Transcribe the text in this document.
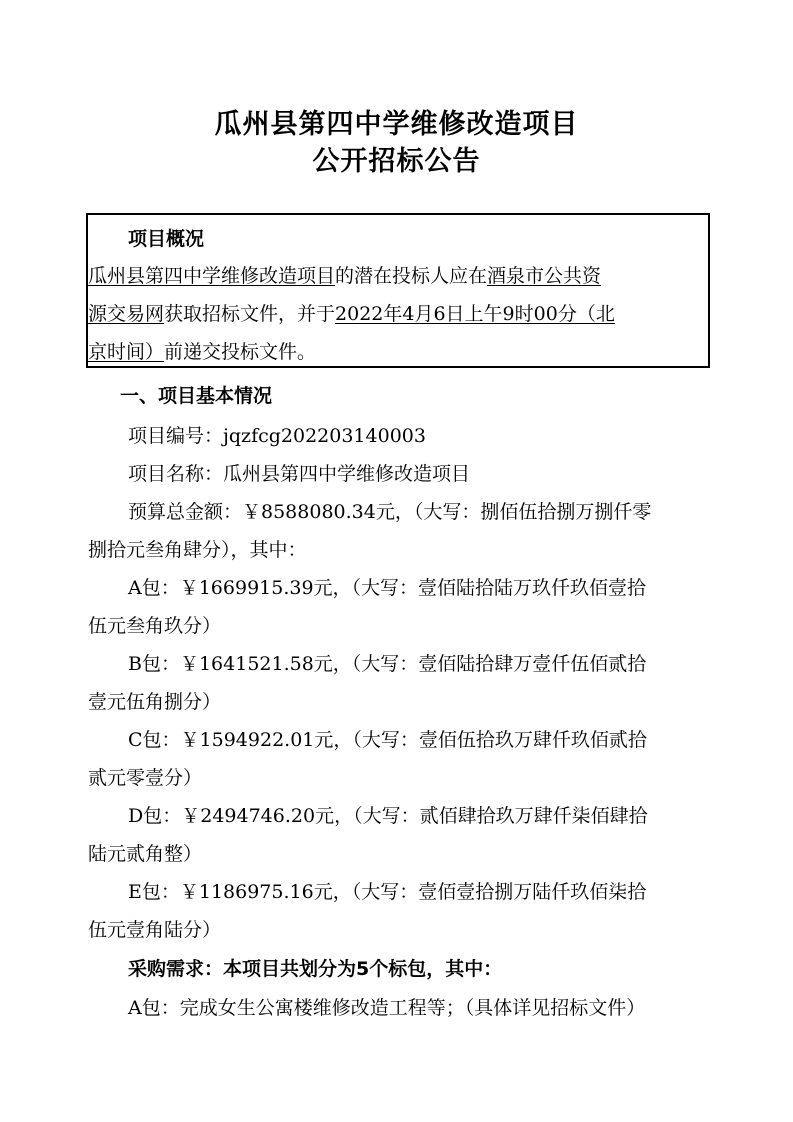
瓜州县第四中学维修改造项目
公开招标公告
项目概况
瓜州县第四中学维修改造项目的潜在投标人应在酒泉市公共资
源交易网获取招标文件，并于2022年4月6日上午9时00分（北
京时间）前递交投标文件。
一、项目基本情况
项目编号：jqzfcg202203140003
项目名称：瓜州县第四中学维修改造项目
预算总金额：￥8588080.34元，（大写：捌佰伍拾捌万捌仟零
捌拾元叁角肆分），其中：
A包：￥1669915.39元，（大写：壹佰陆拾陆万玖仟玖佰壹拾
伍元叁角玖分）
B包：￥1641521.58元，（大写：壹佰陆拾肆万壹仟伍佰贰拾
壹元伍角捌分）
C包：￥1594922.01元，（大写：壹佰伍拾玖万肆仟玖佰贰拾
贰元零壹分）
D包：￥2494746.20元，（大写：贰佰肆拾玖万肆仟柒佰肆拾
陆元贰角整）
E包：￥1186975.16元，（大写：壹佰壹拾捌万陆仟玖佰柒拾
伍元壹角陆分）
采购需求：本项目共划分为5个标包，其中：
A包：完成女生公寓楼维修改造工程等；（具体详见招标文件）
